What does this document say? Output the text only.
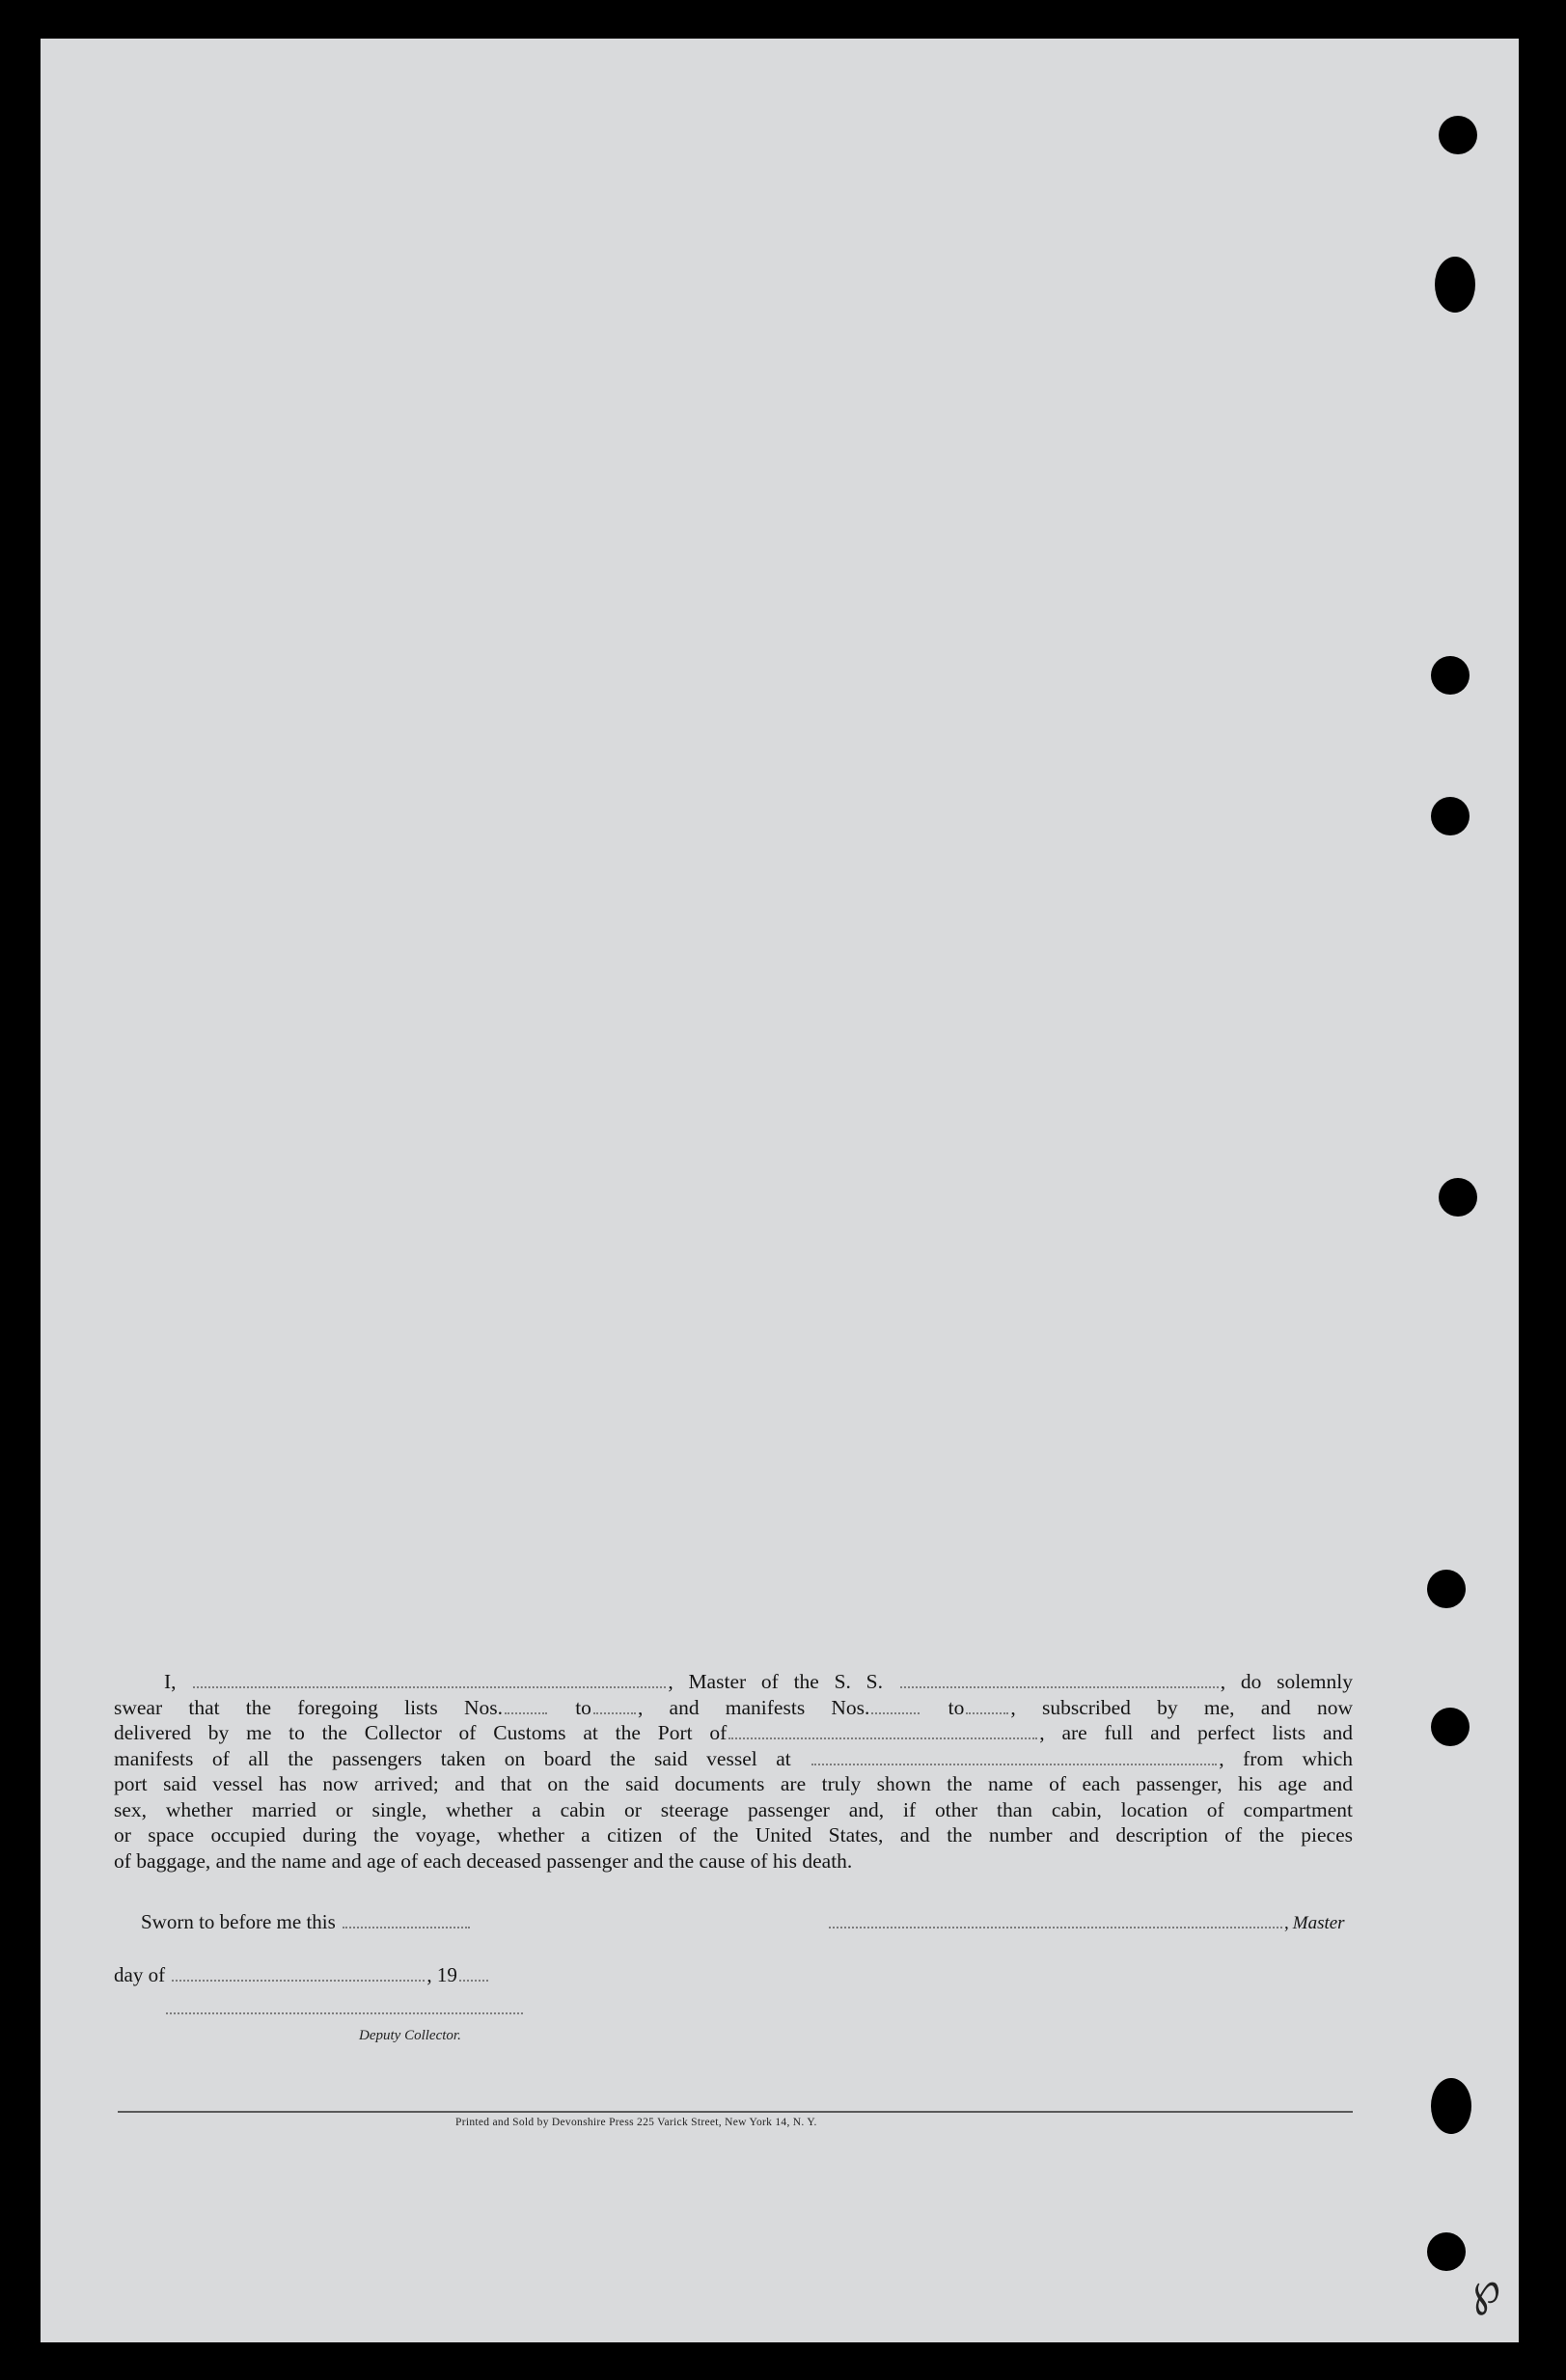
I,	, Master of the S. S.	, do solemnly
swear that the foregoing lists Nos.	to , and manifests Nos.	to , subscribed by me, and now
delivered by me to the Collector of Customs at the Port of	, are full and perfect lists and
manifests of all the passengers taken on board the said vessel at	, from which
port said vessel has now arrived; and that on the said documents are truly shown the name of each passenger, his age and
sex, whether married or single, whether a cabin or steerage passenger and, if other than cabin, location of compartment
or space occupied during the voyage, whether a citizen of the United States, and the number and description of the pieces
of baggage, and the name and age of each deceased passenger and the cause of his death.
Sworn to before me this	, Master
day of	, 19
Deputy Collector.
Printed and Sold by Devonshire Press 225 Varick Street, New York 14, N. Y.
℘
